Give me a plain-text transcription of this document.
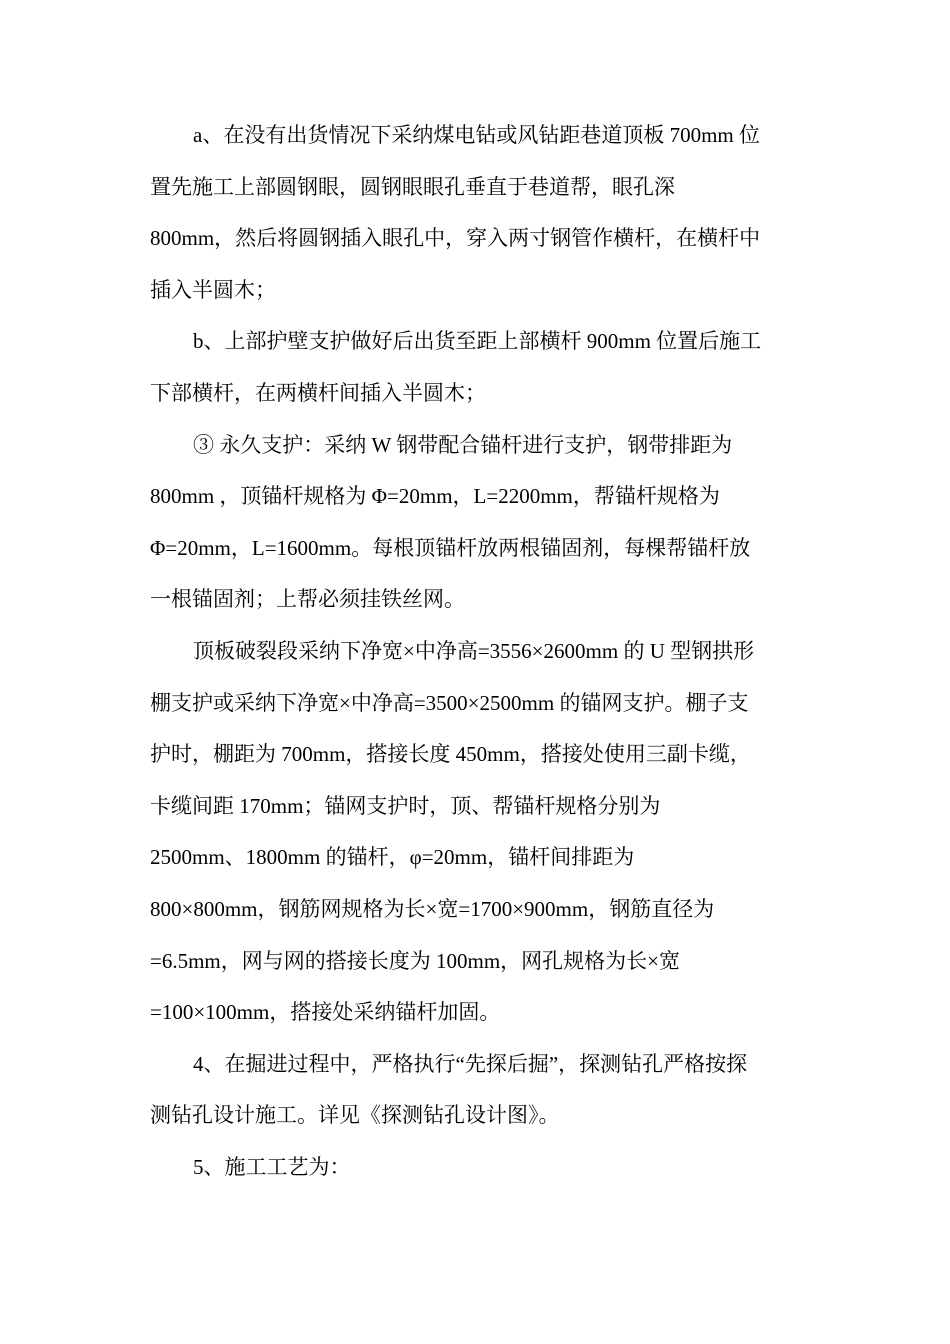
a、在没有出货情况下采纳煤电钻或风钻距巷道顶板 700mm 位
置先施工上部圆钢眼，圆钢眼眼孔垂直于巷道帮，眼孔深
800mm，然后将圆钢插入眼孔中，穿入两寸钢管作横杆，在横杆中
插入半圆木；
b、上部护壁支护做好后出货至距上部横杆 900mm 位置后施工
下部横杆，在两横杆间插入半圆木；
③ 永久支护：采纳 W 钢带配合锚杆进行支护，钢带排距为
800mm ，顶锚杆规格为 Φ=20mm，L=2200mm，帮锚杆规格为
Φ=20mm，L=1600mm。每根顶锚杆放两根锚固剂，每棵帮锚杆放
一根锚固剂；上帮必须挂铁丝网。
顶板破裂段采纳下净宽×中净高=3556×2600mm 的 U 型钢拱形
棚支护或采纳下净宽×中净高=3500×2500mm 的锚网支护。棚子支
护时，棚距为 700mm，搭接长度 450mm，搭接处使用三副卡缆，
卡缆间距 170mm；锚网支护时，顶、帮锚杆规格分别为
2500mm、1800mm 的锚杆，φ=20mm，锚杆间排距为
800×800mm，钢筋网规格为长×宽=1700×900mm，钢筋直径为
=6.5mm，网与网的搭接长度为 100mm，网孔规格为长×宽
=100×100mm，搭接处采纳锚杆加固。
4、在掘进过程中，严格执行“先探后掘”，探测钻孔严格按探
测钻孔设计施工。详见《探测钻孔设计图》。
5、施工工艺为：
